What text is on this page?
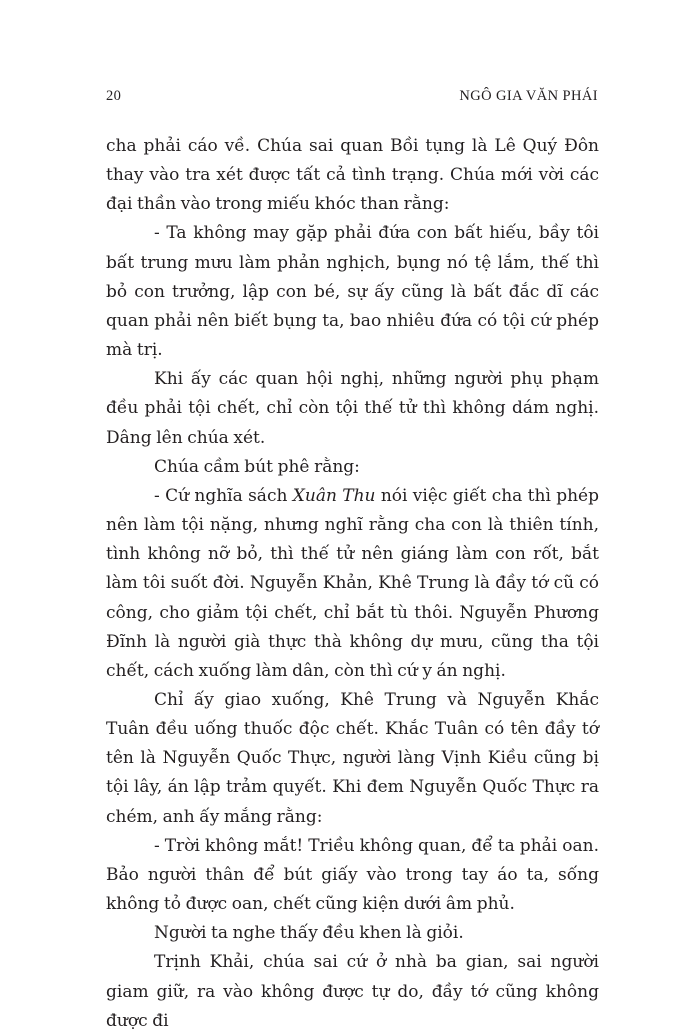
20	NGÔ GIA VĂN PHÁI

cha phải cáo về. Chúa sai quan Bồi tụng là Lê Quý Đôn thay vào tra xét được tất cả tình trạng. Chúa mới vời các đại thần vào trong miếu khóc than rằng:

- Ta không may gặp phải đứa con bất hiếu, bầy tôi bất trung mưu làm phản nghịch, bụng nó tệ lắm, thế thì bỏ con trưởng, lập con bé, sự ấy cũng là bất đắc dĩ các quan phải nên biết bụng ta, bao nhiêu đứa có tội cứ phép mà trị.

Khi ấy các quan hội nghị, những người phụ phạm đều phải tội chết, chỉ còn tội thế tử thì không dám nghị. Dâng lên chúa xét.

Chúa cầm bút phê rằng:

- Cứ nghĩa sách Xuân Thu nói việc giết cha thì phép nên làm tội nặng, nhưng nghĩ rằng cha con là thiên tính, tình không nỡ bỏ, thì thế tử nên giáng làm con rốt, bắt làm tôi suốt đời. Nguyễn Khản, Khê Trung là đầy tớ cũ có công, cho giảm tội chết, chỉ bắt tù thôi. Nguyễn Phương Đĩnh là người già thực thà không dự mưu, cũng tha tội chết, cách xuống làm dân, còn thì cứ y án nghị.

Chỉ ấy giao xuống, Khê Trung và Nguyễn Khắc Tuân đều uống thuốc độc chết. Khắc Tuân có tên đầy tớ tên là Nguyễn Quốc Thực, người làng Vịnh Kiều cũng bị tội lây, án lập trảm quyết. Khi đem Nguyễn Quốc Thực ra chém, anh ấy mắng rằng:

- Trời không mắt! Triều không quan, để ta phải oan. Bảo người thân để bút giấy vào trong tay áo ta, sống không tỏ được oan, chết cũng kiện dưới âm phủ.

Người ta nghe thấy đều khen là giỏi.

Trịnh Khải, chúa sai cứ ở nhà ba gian, sai người giam giữ, ra vào không được tự do, đầy tớ cũng không được đi
